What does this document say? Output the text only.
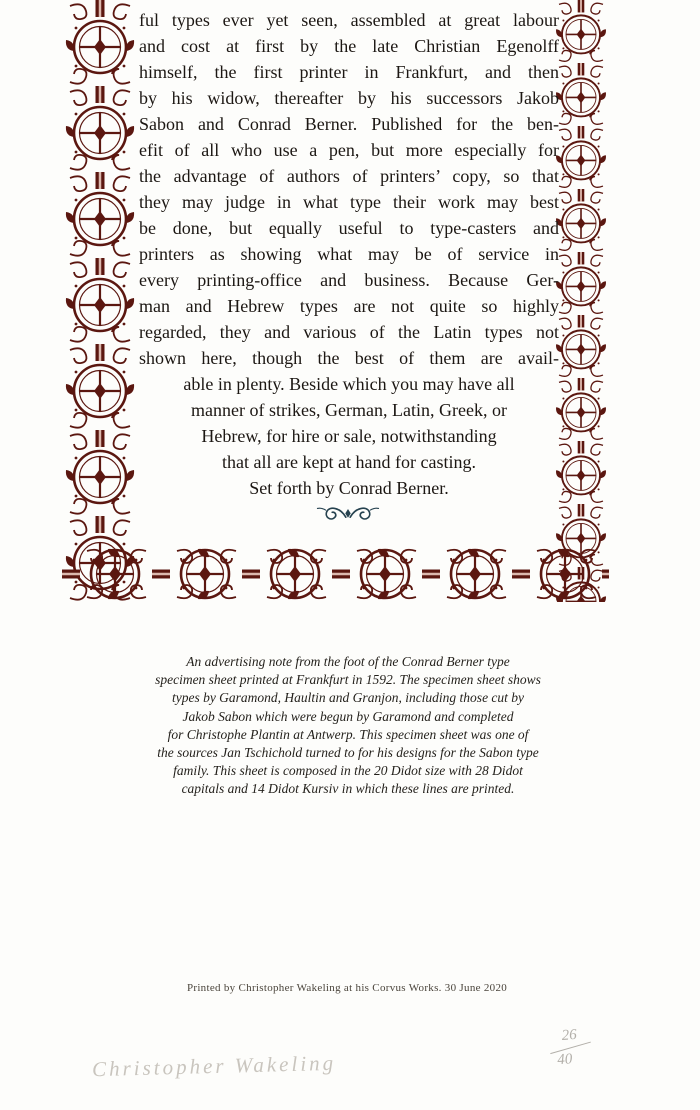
ful types ever yet seen, assembled at great labour
and cost at first by the late Christian Egenolff
himself, the first printer in Frankfurt, and then
by his widow, thereafter by his successors Jakob
Sabon and Conrad Berner. Published for the ben-
efit of all who use a pen, but more especially for
the advantage of authors of printers’ copy, so that
they may judge in what type their work may best
be done, but equally useful to type-casters and
printers as showing what may be of service in
every printing-office and business. Because Ger-
man and Hebrew types are not quite so highly
regarded, they and various of the Latin types not
shown here, though the best of them are avail-
able in plenty. Beside which you may have all
manner of strikes, German, Latin, Greek, or
Hebrew, for hire or sale, notwithstanding
that all are kept at hand for casting.
Set forth by Conrad Berner.
An advertising note from the foot of the Conrad Berner type
specimen sheet printed at Frankfurt in 1592. The specimen sheet shows
types by Garamond, Haultin and Granjon, including those cut by
Jakob Sabon which were begun by Garamond and completed
for Christophe Plantin at Antwerp. This specimen sheet was one of
the sources Jan Tschichold turned to for his designs for the Sabon type
family. This sheet is composed in the 20 Didot size with 28 Didot
capitals and 14 Didot Kursiv in which these lines are printed.
Printed by Christopher Wakeling at his Corvus Works. 30 June 2020
26
40
Christopher Wakeling
